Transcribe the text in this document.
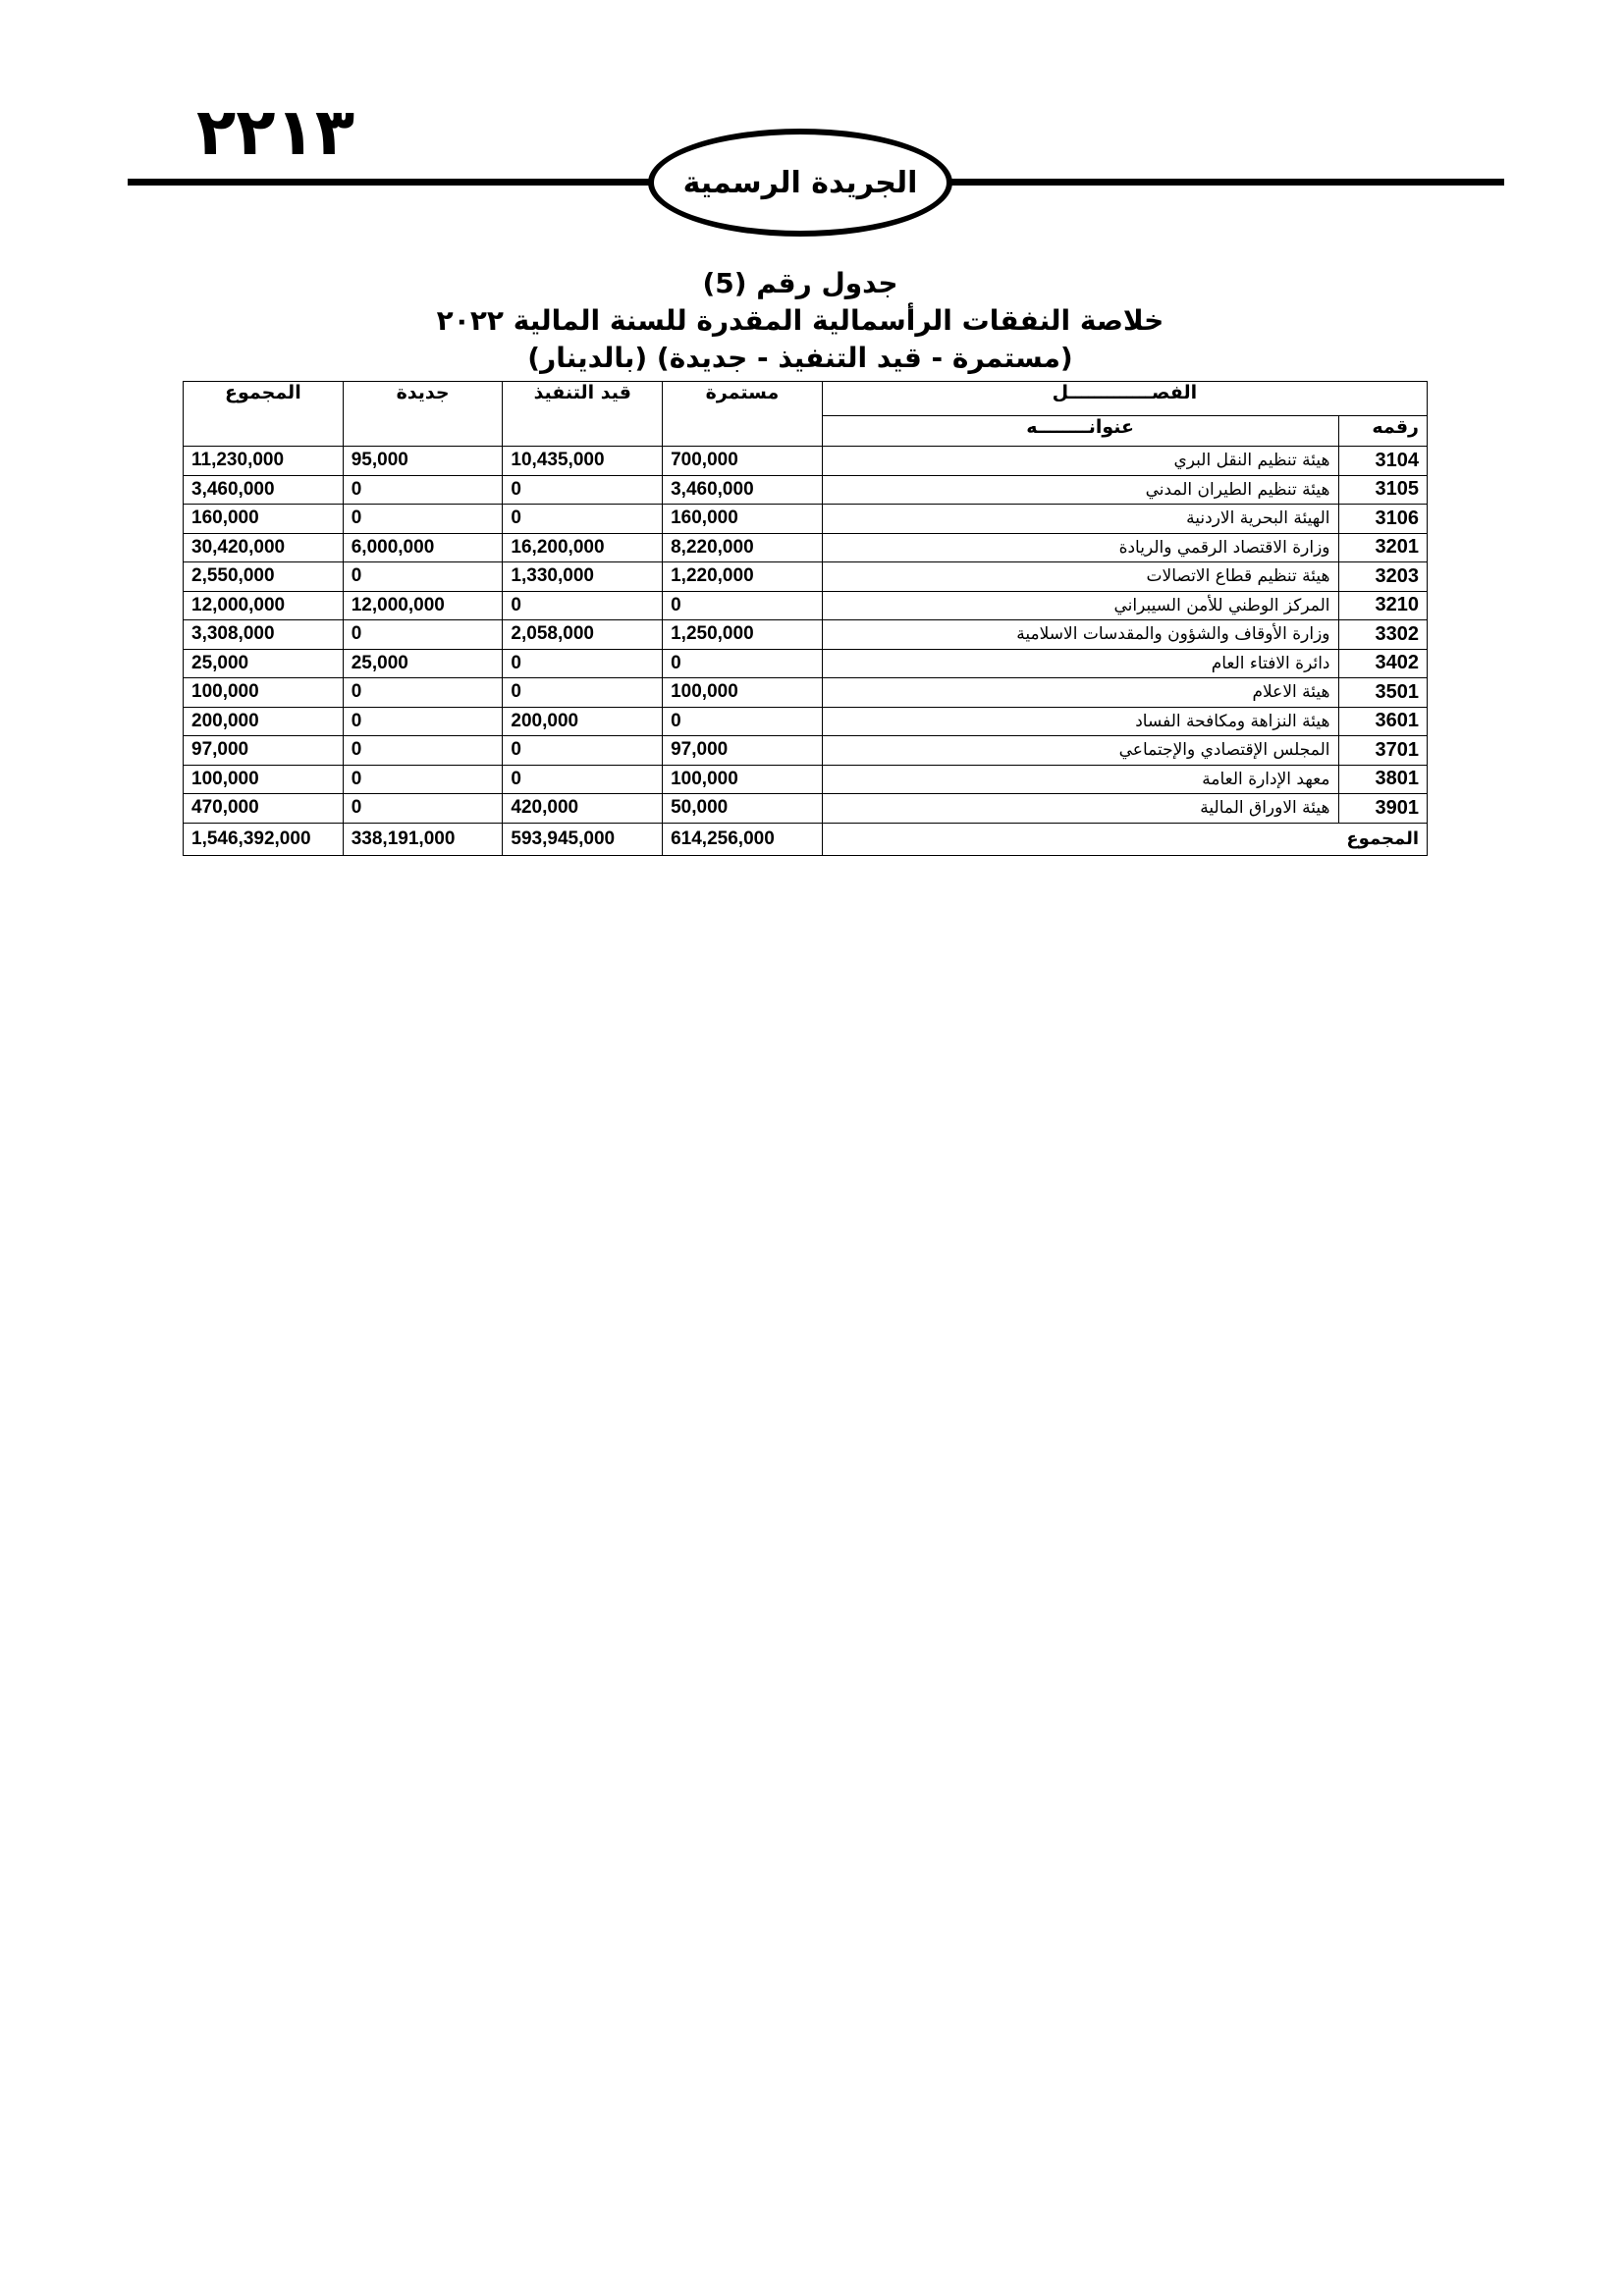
٢٢١٣
الجريدة الرسمية
جدول رقم (5)
خلاصة النفقات الرأسمالية المقدرة للسنة المالية ٢٠٢٢
(مستمرة - قيد التنفيذ - جديدة) (بالدينار)
الفصـــــــــــــل		مستمرة	قيد التنفيذ	جديدة	المجموع
رقمه	عنوانــــــــه				
3104	هيئة تنظيم النقل البري	700,000	10,435,000	95,000	11,230,000
3105	هيئة تنظيم الطيران المدني	3,460,000	0	0	3,460,000
3106	الهيئة البحرية الاردنية	160,000	0	0	160,000
3201	وزارة الاقتصاد الرقمي والريادة	8,220,000	16,200,000	6,000,000	30,420,000
3203	هيئة تنظيم قطاع الاتصالات	1,220,000	1,330,000	0	2,550,000
3210	المركز الوطني للأمن السيبراني	0	0	12,000,000	12,000,000
3302	وزارة الأوقاف والشؤون والمقدسات الاسلامية	1,250,000	2,058,000	0	3,308,000
3402	دائرة الافتاء العام	0	0	25,000	25,000
3501	هيئة الاعلام	100,000	0	0	100,000
3601	هيئة النزاهة ومكافحة الفساد	0	200,000	0	200,000
3701	المجلس الإقتصادي والإجتماعي	97,000	0	0	97,000
3801	معهد الإدارة العامة	100,000	0	0	100,000
3901	هيئة الاوراق المالية	50,000	420,000	0	470,000
المجموع		614,256,000	593,945,000	338,191,000	1,546,392,000
